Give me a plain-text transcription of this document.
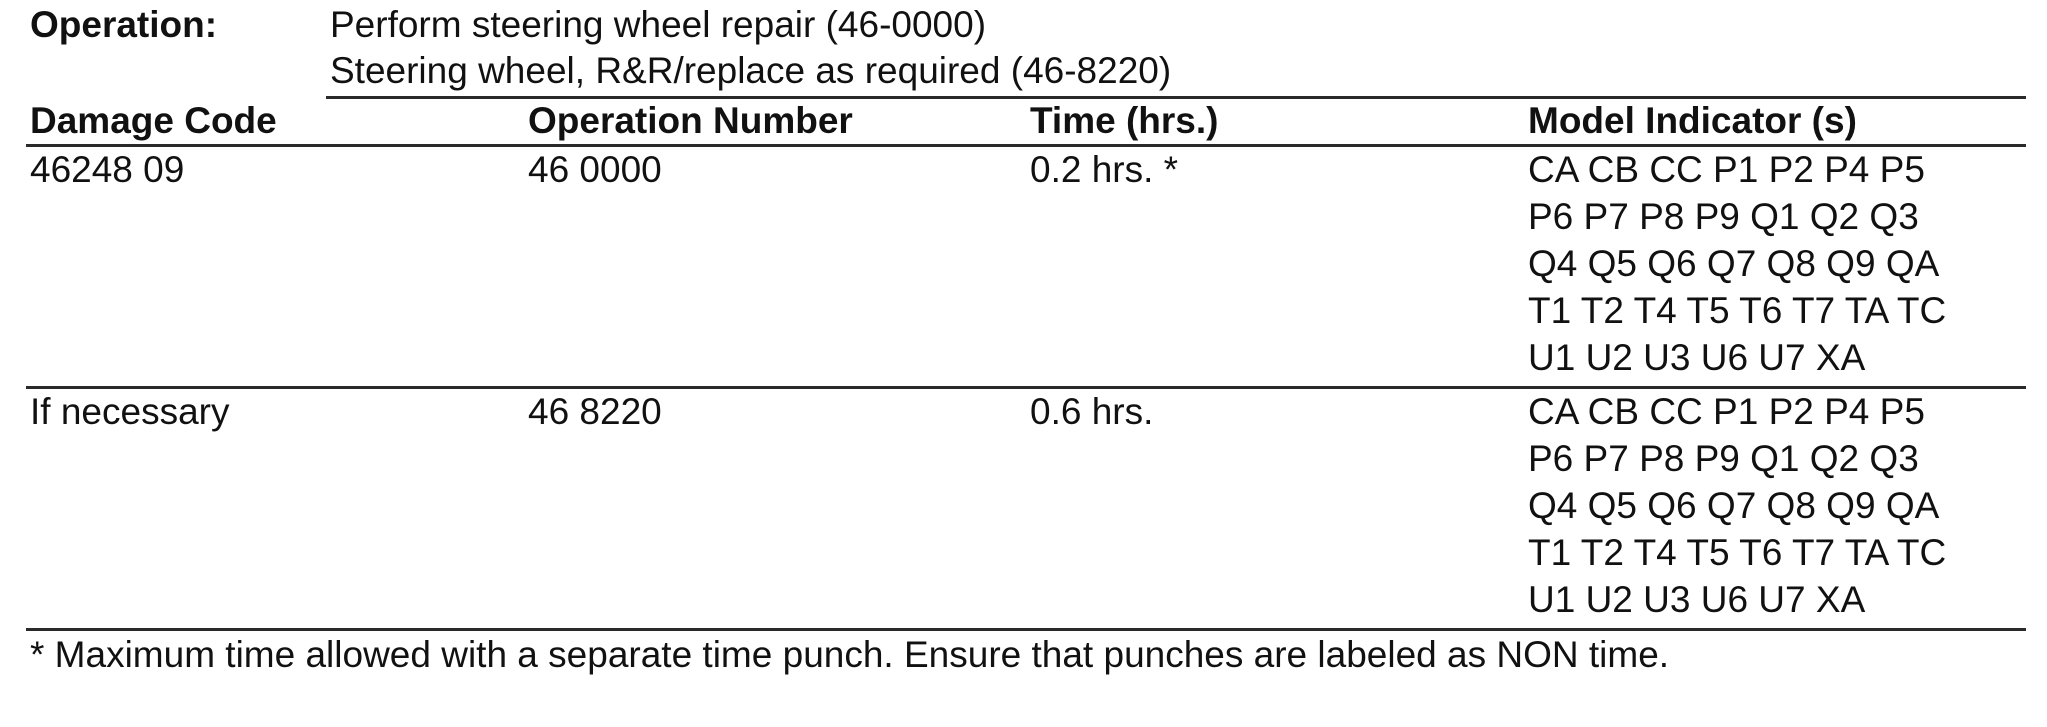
Operation:	Perform steering wheel repair (46-0000)
Steering wheel, R&R/replace as required (46-8220)
Damage Code	Operation Number	Time (hrs.)	Model Indicator (s)
46248 09	46 0000	0.2 hrs. *	CA CB CC P1 P2 P4 P5
P6 P7 P8 P9 Q1 Q2 Q3
Q4 Q5 Q6 Q7 Q8 Q9 QA
T1 T2 T4 T5 T6 T7 TA TC
U1 U2 U3 U6 U7 XA
If necessary	46 8220	0.6 hrs.	CA CB CC P1 P2 P4 P5
P6 P7 P8 P9 Q1 Q2 Q3
Q4 Q5 Q6 Q7 Q8 Q9 QA
T1 T2 T4 T5 T6 T7 TA TC
U1 U2 U3 U6 U7 XA
* Maximum time allowed with a separate time punch. Ensure that punches are labeled as NON time.
